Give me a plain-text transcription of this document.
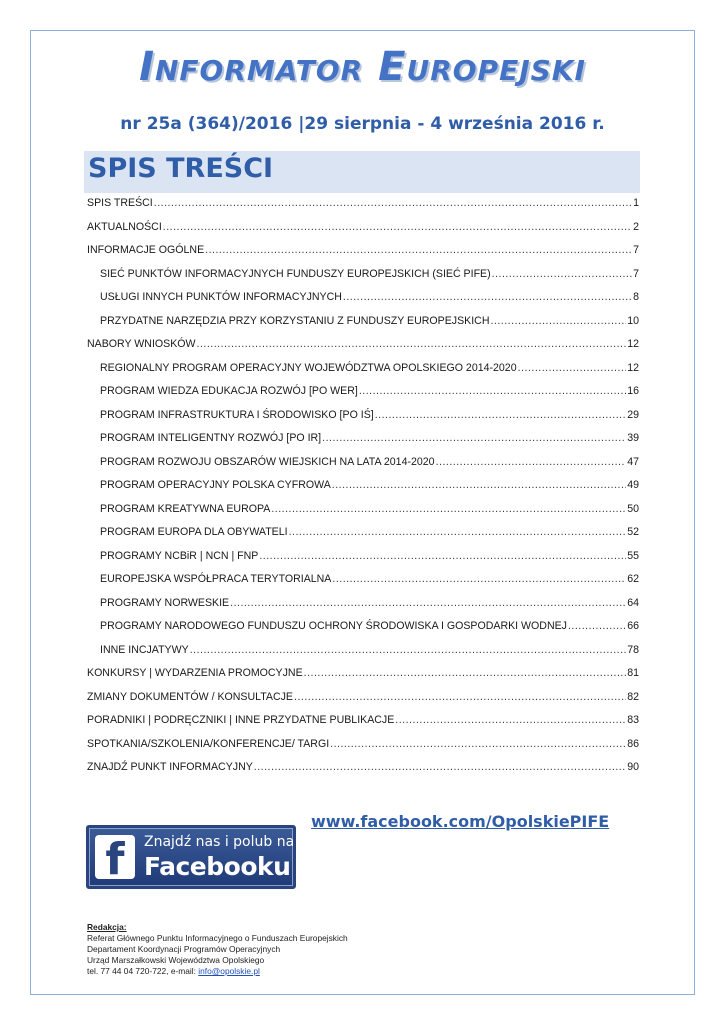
Informator Europejski
nr 25a (364)/2016 |29 sierpnia - 4 września 2016 r.
SPIS TREŚCI
SPIS TREŚCI .....	1
AKTUALNOŚCI .....	2
INFORMACJE OGÓLNE .....	7
SIEĆ PUNKTÓW INFORMACYJNYCH FUNDUSZY EUROPEJSKICH (SIEĆ PIFE) .....	7
USŁUGI INNYCH PUNKTÓW INFORMACYJNYCH .....	8
PRZYDATNE NARZĘDZIA PRZY KORZYSTANIU Z FUNDUSZY EUROPEJSKICH .....	10
NABORY WNIOSKÓW .....	12
REGIONALNY PROGRAM OPERACYJNY WOJEWÓDZTWA OPOLSKIEGO 2014-2020 .....	12
PROGRAM WIEDZA EDUKACJA ROZWÓJ [PO WER] .....	16
PROGRAM INFRASTRUKTURA I ŚRODOWISKO [PO IŚ] .....	29
PROGRAM INTELIGENTNY ROZWÓJ [PO IR] .....	39
PROGRAM ROZWOJU OBSZARÓW WIEJSKICH NA LATA 2014-2020 .....	47
PROGRAM OPERACYJNY POLSKA CYFROWA .....	49
PROGRAM KREATYWNA EUROPA .....	50
PROGRAM EUROPA DLA OBYWATELI .....	52
PROGRAMY NCBiR | NCN | FNP .....	55
EUROPEJSKA WSPÓŁPRACA TERYTORIALNA .....	62
PROGRAMY NORWESKIE .....	64
PROGRAMY NARODOWEGO FUNDUSZU OCHRONY ŚRODOWISKA I GOSPODARKI WODNEJ .....	66
INNE INCJATYWY .....	78
KONKURSY | WYDARZENIA PROMOCYJNE .....	81
ZMIANY DOKUMENTÓW / KONSULTACJE .....	82
PORADNIKI | PODRĘCZNIKI | INNE PRZYDATNE PUBLIKACJE .....	83
SPOTKANIA/SZKOLENIA/KONFERENCJE/ TARGI .....	86
ZNAJDŹ PUNKT INFORMACYJNY .....	90
www.facebook.com/OpolskiePIFE
f	Znajdź nas i polub na
Facebooku
Redakcja:
Referat Głównego Punktu Informacyjnego o Funduszach Europejskich
Departament Koordynacji Programów Operacyjnych
Urząd Marszałkowski Województwa Opolskiego
tel. 77 44 04 720-722, e-mail: info@opolskie.pl
